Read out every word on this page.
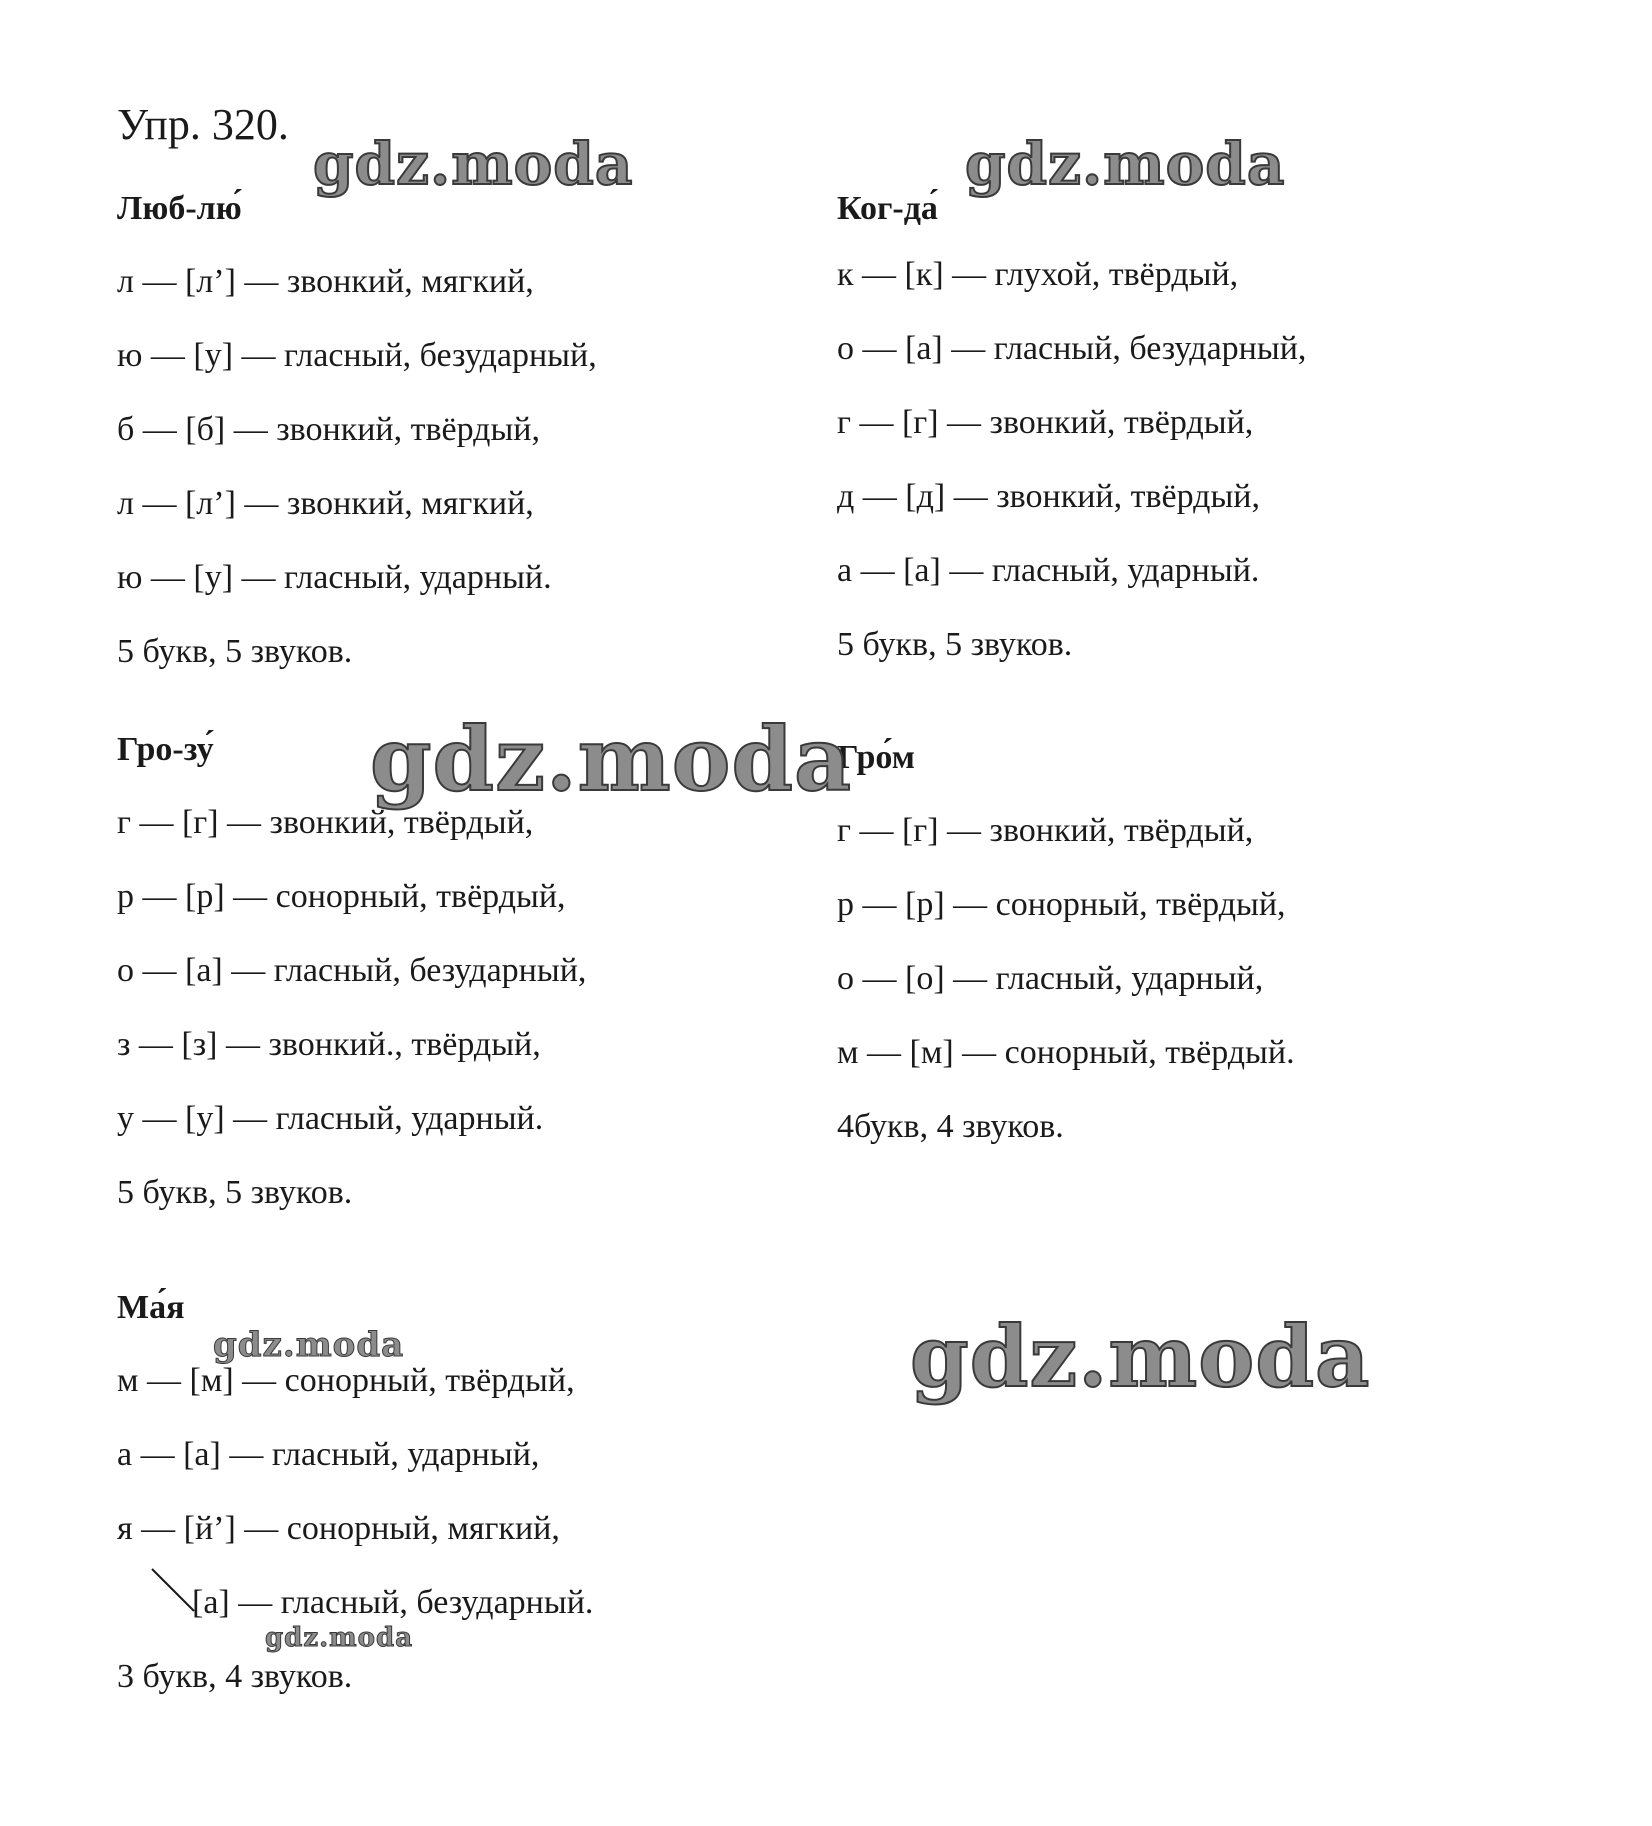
Упр. 320.
Люб-лю́
л — [л’] — звонкий, мягкий,
ю — [у] — гласный, безударный,
б — [б] — звонкий, твёрдый,
л — [л’] — звонкий, мягкий,
ю — [у] — гласный, ударный.
5 букв, 5 звуков.
Ког-да́
к — [к] — глухой, твёрдый,
о — [а] — гласный, безударный,
г — [г] — звонкий, твёрдый,
д — [д] — звонкий, твёрдый,
а — [а] — гласный, ударный.
5 букв, 5 звуков.
Гро-зу́
г — [г] — звонкий, твёрдый,
р — [р] — сонорный, твёрдый,
о — [а] — гласный, безударный,
з — [з] — звонкий., твёрдый,
у — [у] — гласный, ударный.
5 букв, 5 звуков.
Гро́м
г — [г] — звонкий, твёрдый,
р — [р] — сонорный, твёрдый,
о — [о] — гласный, ударный,
м — [м] — сонорный, твёрдый.
4букв, 4 звуков.
Ма́я
м — [м] — сонорный, твёрдый,
а — [а] — гласный, ударный,
я — [й’] — сонорный, мягкий,
[а] — гласный, безударный.
3 букв, 4 звуков.
gdz.moda	gdz.moda
gdz.moda
gdz.moda	gdz.moda
gdz.moda
